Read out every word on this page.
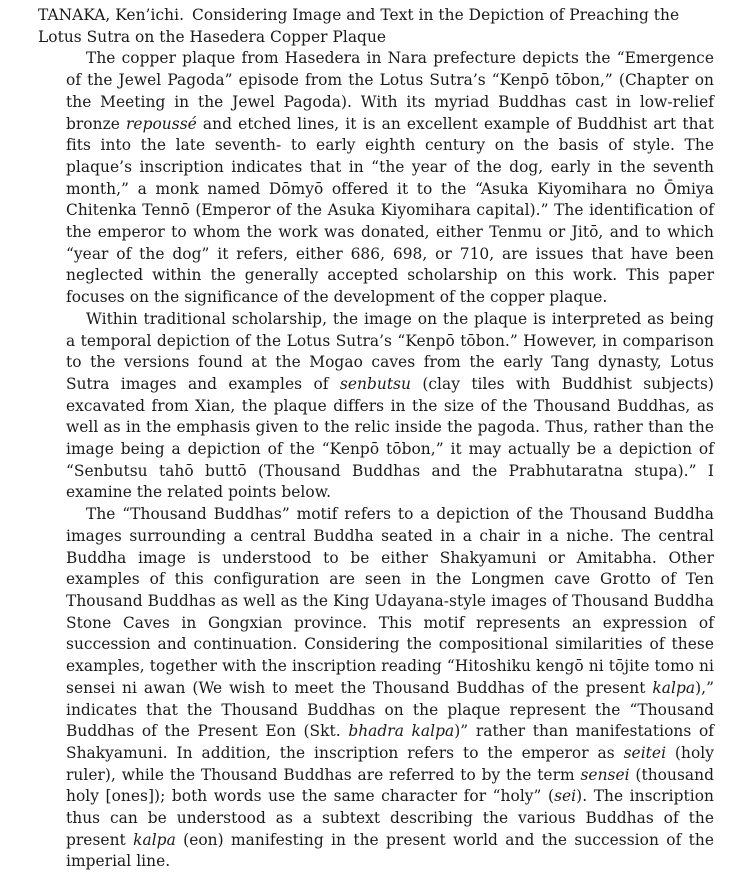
TANAKA, Ken’ichi. Considering Image and Text in the Depiction of Preaching the Lotus Sutra on the Hasedera Copper Plaque

The copper plaque from Hasedera in Nara prefecture depicts the “Emergence of the Jewel Pagoda” episode from the Lotus Sutra’s “Kenpō tōbon,” (Chapter on the Meeting in the Jewel Pagoda). With its myriad Buddhas cast in low-relief bronze repoussé and etched lines, it is an excellent example of Buddhist art that fits into the late seventh- to early eighth century on the basis of style. The plaque’s inscription indicates that in “the year of the dog, early in the seventh month,” a monk named Dōmyō offered it to the “Asuka Kiyomihara no Ōmiya Chitenka Tennō (Emperor of the Asuka Kiyomihara capital).” The identification of the emperor to whom the work was donated, either Tenmu or Jitō, and to which “year of the dog” it refers, either 686, 698, or 710, are issues that have been neglected within the generally accepted scholarship on this work. This paper focuses on the significance of the development of the copper plaque.

Within traditional scholarship, the image on the plaque is interpreted as being a temporal depiction of the Lotus Sutra’s “Kenpō tōbon.” However, in comparison to the versions found at the Mogao caves from the early Tang dynasty, Lotus Sutra images and examples of senbutsu (clay tiles with Buddhist subjects) excavated from Xian, the plaque differs in the size of the Thousand Buddhas, as well as in the emphasis given to the relic inside the pagoda. Thus, rather than the image being a depiction of the “Kenpō tōbon,” it may actually be a depiction of “Senbutsu tahō buttō (Thousand Buddhas and the Prabhutaratna stupa).” I examine the related points below.

The “Thousand Buddhas” motif refers to a depiction of the Thousand Buddha images surrounding a central Buddha seated in a chair in a niche. The central Buddha image is understood to be either Shakyamuni or Amitabha. Other examples of this configuration are seen in the Longmen cave Grotto of Ten Thousand Buddhas as well as the King Udayana-style images of Thousand Buddha Stone Caves in Gongxian province. This motif represents an expression of succession and continuation. Considering the compositional similarities of these examples, together with the inscription reading “Hitoshiku kengō ni tōjite tomo ni sensei ni awan (We wish to meet the Thousand Buddhas of the present kalpa),” indicates that the Thousand Buddhas on the plaque represent the “Thousand Buddhas of the Present Eon (Skt. bhadra kalpa)” rather than manifestations of Shakyamuni. In addition, the inscription refers to the emperor as seitei (holy ruler), while the Thousand Buddhas are referred to by the term sensei (thousand holy [ones]); both words use the same character for “holy” (sei). The inscription thus can be understood as a subtext describing the various Buddhas of the present kalpa (eon) manifesting in the present world and the succession of the imperial line.
